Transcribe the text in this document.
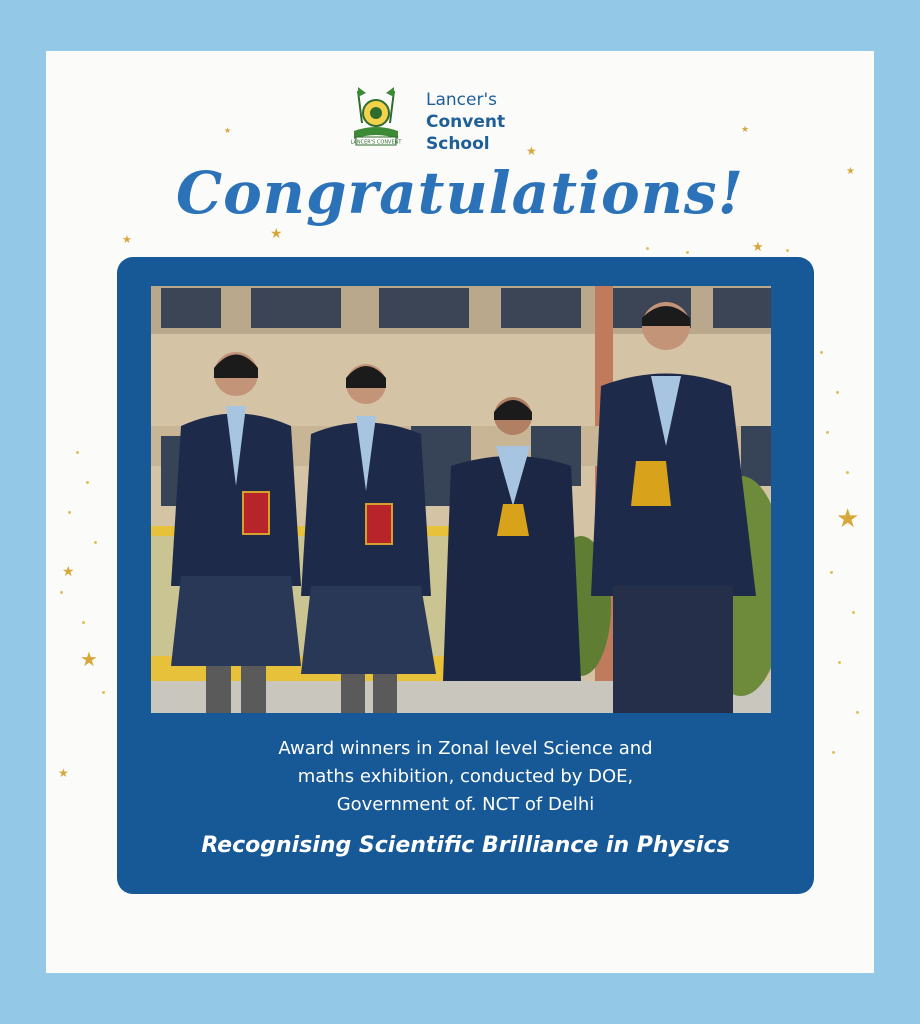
★
★
★
★
★
★
★
★
★
★
★
LANCER'S CONVENT
Lancer's
Convent
School
Congratulations!
Award winners in Zonal level Science and
maths exhibition, conducted by DOE,
Government of. NCT of Delhi
Recognising Scientific Brilliance in Physics
